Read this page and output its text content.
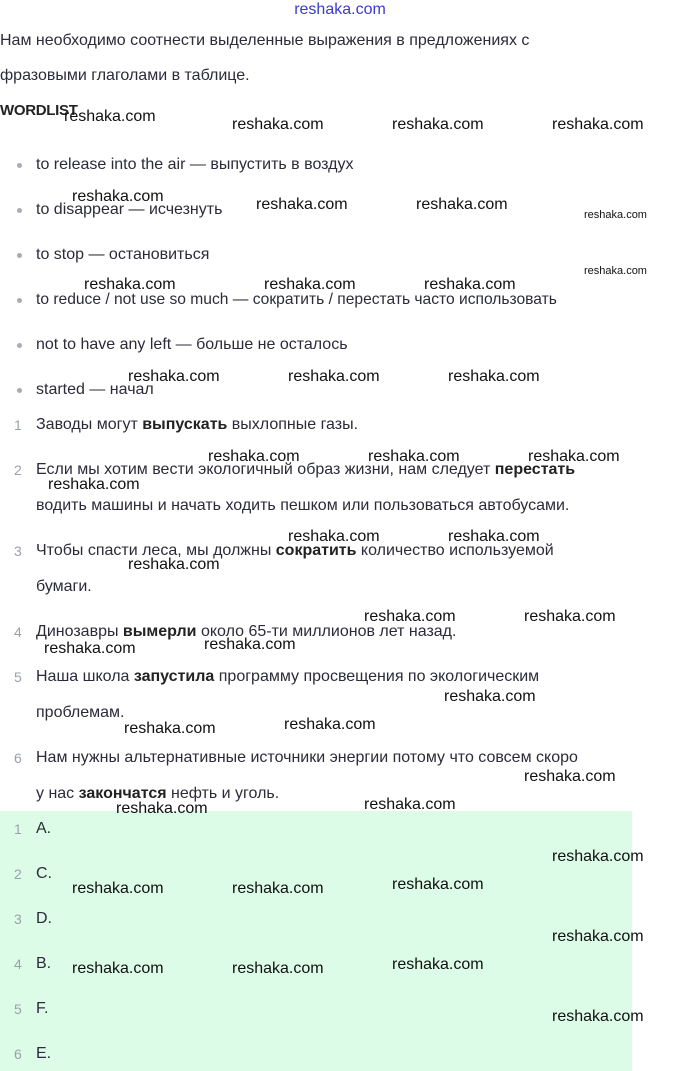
reshaka.com
Нам необходимо соотнести выделенные выражения в предложениях с
фразовыми глаголами в таблице.
WORDLIST
to release into the air — выпустить в воздух
to disappear — исчезнуть
to stop — остановиться
to reduce / not use so much — сократить / перестать часто использовать
not to have any left — больше не осталось
started — начал
1 Заводы могут выпускать выхлопные газы.
2 Если мы хотим вести экологичный образ жизни, нам следует перестать
водить машины и начать ходить пешком или пользоваться автобусами.
3 Чтобы спасти леса, мы должны сократить количество используемой
бумаги.
4 Динозавры вымерли около 65-ти миллионов лет назад.
5 Наша школа запустила программу просвещения по экологическим
проблемам.
6 Нам нужны альтернативные источники энергии потому что совсем скоро
у нас закончатся нефть и уголь.
1 A.
2 C.
3 D.
4 B.
5 F.
6 E.
reshaka.com	reshaka.com	reshaka.com	reshaka.com
reshaka.com	reshaka.com	reshaka.com
reshaka.com
reshaka.com
reshaka.com	reshaka.com	reshaka.com
reshaka.com	reshaka.com	reshaka.com
reshaka.com	reshaka.com	reshaka.com
reshaka.com
reshaka.com	reshaka.com
reshaka.com
reshaka.com	reshaka.com
reshaka.com	reshaka.com
reshaka.com
reshaka.com	reshaka.com
reshaka.com
reshaka.com	reshaka.com
reshaka.com
reshaka.com	reshaka.com	reshaka.com
reshaka.com
reshaka.com	reshaka.com	reshaka.com
reshaka.com
